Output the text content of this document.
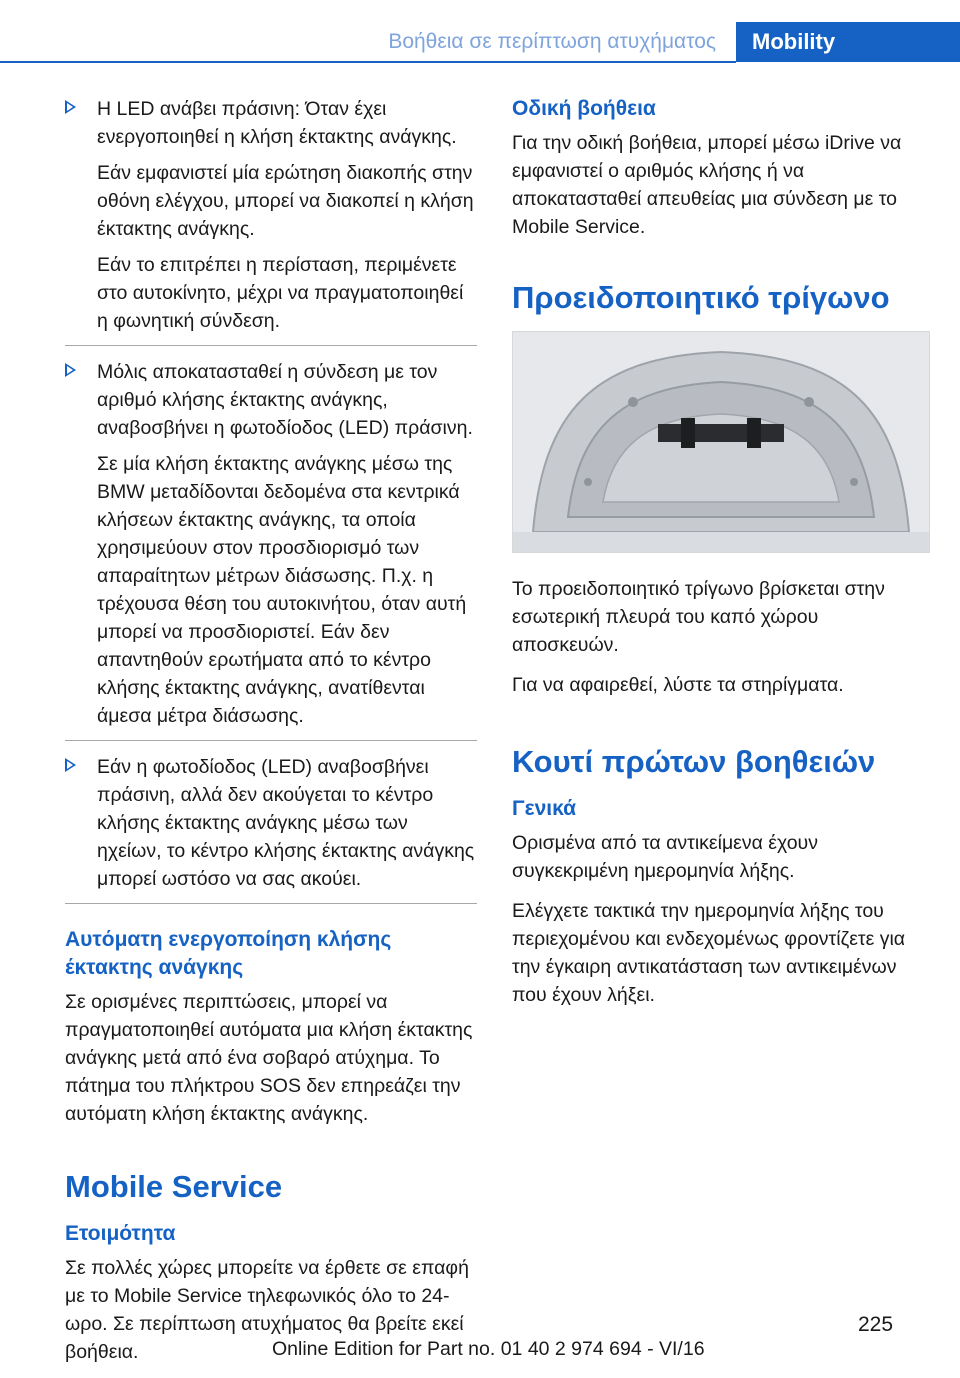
Βοήθεια σε περίπτωση ατυχήματος	Mobility

Η LED ανάβει πράσινη: Όταν έχει ενεργοποιηθεί η κλήση έκτακτης ανάγκης.

Εάν εμφανιστεί μία ερώτηση διακοπής στην οθόνη ελέγχου, μπορεί να διακοπεί η κλήση έκτακτης ανάγκης.

Εάν το επιτρέπει η περίσταση, περιμένετε στο αυτοκίνητο, μέχρι να πραγματοποιηθεί η φωνητική σύνδεση.

Μόλις αποκατασταθεί η σύνδεση με τον αριθμό κλήσης έκτακτης ανάγκης, αναβοσβήνει η φωτοδίοδος (LED) πράσινη.

Σε μία κλήση έκτακτης ανάγκης μέσω της BMW μεταδίδονται δεδομένα στα κεντρικά κλήσεων έκτακτης ανάγκης, τα οποία χρησιμεύουν στον προσδιορισμό των απαραίτητων μέτρων διάσωσης. Π.χ. η τρέχουσα θέση του αυτοκινήτου, όταν αυτή μπορεί να προσδιοριστεί. Εάν δεν απαντηθούν ερωτήματα από το κέντρο κλήσης έκτακτης ανάγκης, ανατίθενται άμεσα μέτρα διάσωσης.

Εάν η φωτοδίοδος (LED) αναβοσβήνει πράσινη, αλλά δεν ακούγεται το κέντρο κλήσης έκτακτης ανάγκης μέσω των ηχείων, το κέντρο κλήσης έκτακτης ανάγκης μπορεί ωστόσο να σας ακούει.

Αυτόματη ενεργοποίηση κλήσης έκτακτης ανάγκης

Σε ορισμένες περιπτώσεις, μπορεί να πραγματοποιηθεί αυτόματα μια κλήση έκτακτης ανάγκης μετά από ένα σοβαρό ατύχημα. Το πάτημα του πλήκτρου SOS δεν επηρεάζει την αυτόματη κλήση έκτακτης ανάγκης.

Mobile Service
Ετοιμότητα

Σε πολλές χώρες μπορείτε να έρθετε σε επαφή με το Mobile Service τηλεφωνικός όλο το 24-ωρο. Σε περίπτωση ατυχήματος θα βρείτε εκεί βοήθεια.

Οδική βοήθεια

Για την οδική βοήθεια, μπορεί μέσω iDrive να εμφανιστεί ο αριθμός κλήσης ή να αποκατασταθεί απευθείας μια σύνδεση με το Mobile Service.

Προειδοποιητικό τρίγωνο

Το προειδοποιητικό τρίγωνο βρίσκεται στην εσωτερική πλευρά του καπό χώρου αποσκευών.

Για να αφαιρεθεί, λύστε τα στηρίγματα.

Κουτί πρώτων βοηθειών
Γενικά

Ορισμένα από τα αντικείμενα έχουν συγκεκριμένη ημερομηνία λήξης.

Ελέγχετε τακτικά την ημερομηνία λήξης του περιεχομένου και ενδεχομένως φροντίζετε για την έγκαιρη αντικατάσταση των αντικειμένων που έχουν λήξει.

225
Online Edition for Part no. 01 40 2 974 694 - VI/16
